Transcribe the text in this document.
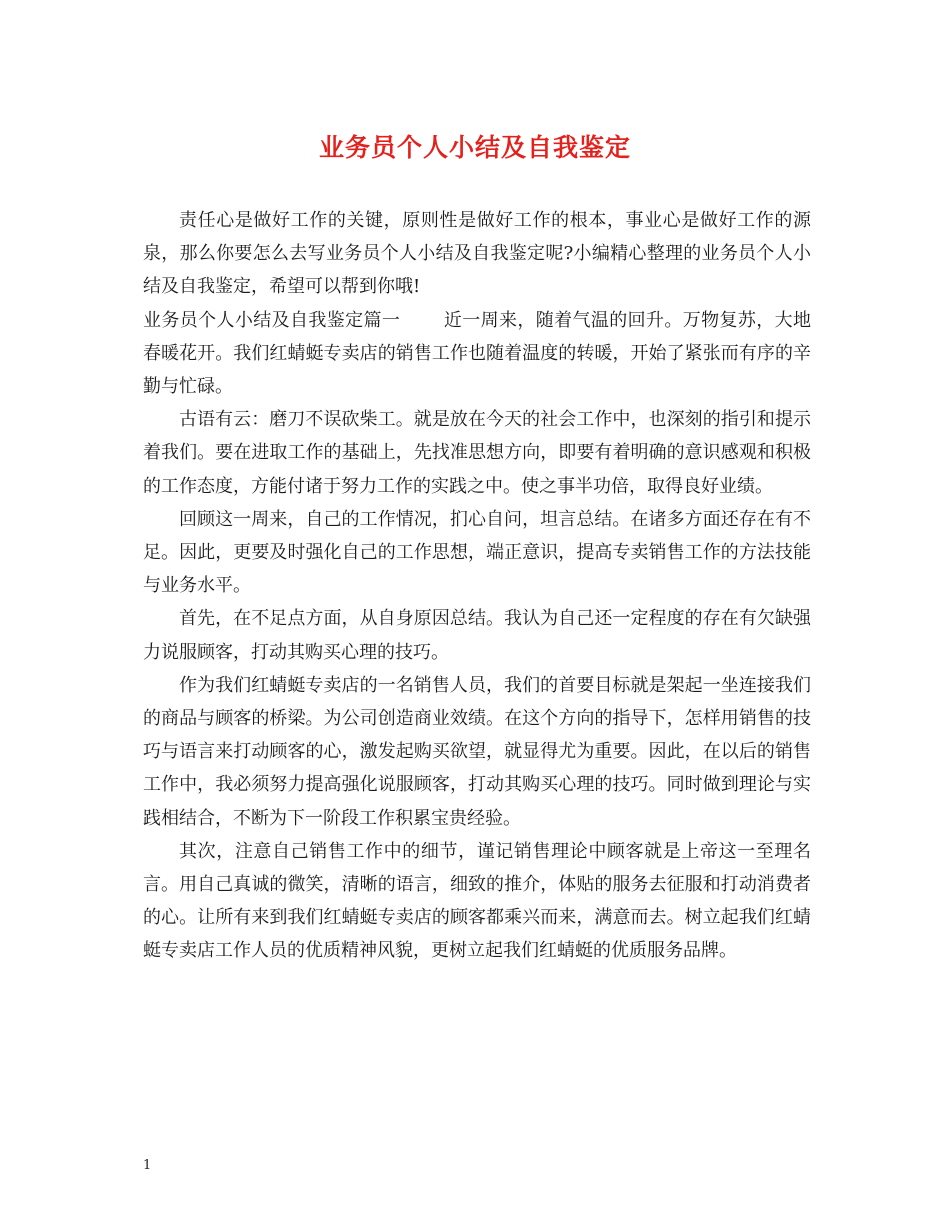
业务员个人小结及自我鉴定

责任心是做好工作的关键，原则性是做好工作的根本，事业心是做好工作的源泉，那么你要怎么去写业务员个人小结及自我鉴定呢?小编精心整理的业务员个人小结及自我鉴定，希望可以帮到你哦!

业务员个人小结及自我鉴定篇一 近一周来，随着气温的回升。万物复苏，大地春暖花开。我们红蜻蜓专卖店的销售工作也随着温度的转暖，开始了紧张而有序的辛勤与忙碌。

古语有云：磨刀不误砍柴工。就是放在今天的社会工作中，也深刻的指引和提示着我们。要在进取工作的基础上，先找准思想方向，即要有着明确的意识感观和积极的工作态度，方能付诸于努力工作的实践之中。使之事半功倍，取得良好业绩。

回顾这一周来，自己的工作情况，扪心自问，坦言总结。在诸多方面还存在有不足。因此，更要及时强化自己的工作思想，端正意识，提高专卖销售工作的方法技能与业务水平。

首先，在不足点方面，从自身原因总结。我认为自己还一定程度的存在有欠缺强力说服顾客，打动其购买心理的技巧。

作为我们红蜻蜓专卖店的一名销售人员，我们的首要目标就是架起一坐连接我们的商品与顾客的桥梁。为公司创造商业效绩。在这个方向的指导下，怎样用销售的技巧与语言来打动顾客的心，激发起购买欲望，就显得尤为重要。因此，在以后的销售工作中，我必须努力提高强化说服顾客，打动其购买心理的技巧。同时做到理论与实践相结合，不断为下一阶段工作积累宝贵经验。

其次，注意自己销售工作中的细节，谨记销售理论中顾客就是上帝这一至理名言。用自己真诚的微笑，清晰的语言，细致的推介，体贴的服务去征服和打动消费者的心。让所有来到我们红蜻蜓专卖店的顾客都乘兴而来，满意而去。树立起我们红蜻蜓专卖店工作人员的优质精神风貌，更树立起我们红蜻蜓的优质服务品牌。

1
